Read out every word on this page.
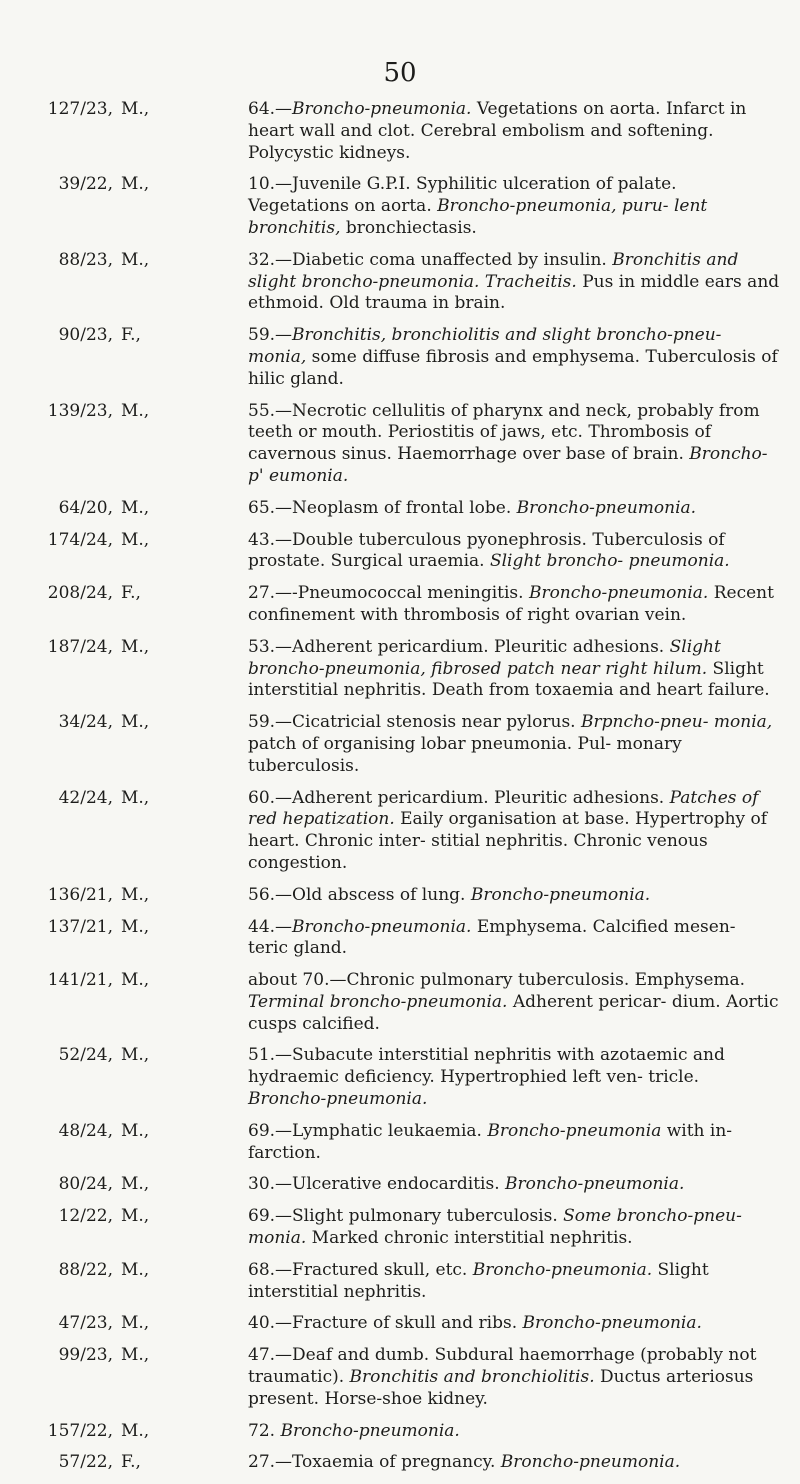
50
127/23, M.,	64.—Broncho-pneumonia. Vegetations on aorta. Infarct in heart wall and clot. Cerebral embolism and softening. Polycystic kidneys.
39/22, M.,	10.—Juvenile G.P.I. Syphilitic ulceration of palate. Vegetations on aorta. Broncho-pneumonia, puru- lent bronchitis, bronchiectasis.
88/23, M.,	32.—Diabetic coma unaffected by insulin. Bronchitis and slight broncho-pneumonia. Tracheitis. Pus in middle ears and ethmoid. Old trauma in brain.
90/23, F.,	59.—Bronchitis, bronchiolitis and slight broncho-pneu- monia, some diffuse fibrosis and emphysema. Tuberculosis of hilic gland.
139/23, M.,	55.—Necrotic cellulitis of pharynx and neck, probably from teeth or mouth. Periostitis of jaws, etc. Thrombosis of cavernous sinus. Haemorrhage over base of brain. Broncho-p' eumonia.
64/20, M.,	65.—Neoplasm of frontal lobe. Broncho-pneumonia.
174/24, M.,	43.—Double tuberculous pyonephrosis. Tuberculosis of prostate. Surgical uraemia. Slight broncho- pneumonia.
208/24, F.,	27.—-Pneumococcal meningitis. Broncho-pneumonia. Recent confinement with thrombosis of right ovarian vein.
187/24, M.,	53.—Adherent pericardium. Pleuritic adhesions. Slight broncho-pneumonia, fibrosed patch near right hilum. Slight interstitial nephritis. Death from toxaemia and heart failure.
34/24, M.,	59.—Cicatricial stenosis near pylorus. Brpncho-pneu- monia, patch of organising lobar pneumonia. Pul- monary tuberculosis.
42/24, M.,	60.—Adherent pericardium. Pleuritic adhesions. Patches of red hepatization. Eaily organisation at base. Hypertrophy of heart. Chronic inter- stitial nephritis. Chronic venous congestion.
136/21, M.,	56.—Old abscess of lung. Broncho-pneumonia.
137/21, M.,	44.—Broncho-pneumonia. Emphysema. Calcified mesen- teric gland.
141/21, M.,	about 70.—Chronic pulmonary tuberculosis. Emphysema. Terminal broncho-pneumonia. Adherent pericar- dium. Aortic cusps calcified.
52/24, M.,	51.—Subacute interstitial nephritis with azotaemic and hydraemic deficiency. Hypertrophied left ven- tricle. Broncho-pneumonia.
48/24, M.,	69.—Lymphatic leukaemia. Broncho-pneumonia with in- farction.
80/24, M.,	30.—Ulcerative endocarditis. Broncho-pneumonia.
12/22, M.,	69.—Slight pulmonary tuberculosis. Some broncho-pneu- monia. Marked chronic interstitial nephritis.
88/22, M.,	68.—Fractured skull, etc. Broncho-pneumonia. Slight interstitial nephritis.
47/23, M.,	40.—Fracture of skull and ribs. Broncho-pneumonia.
99/23, M.,	47.—Deaf and dumb. Subdural haemorrhage (probably not traumatic). Bronchitis and bronchiolitis. Ductus arteriosus present. Horse-shoe kidney.
157/22, M.,	72. Broncho-pneumonia.
57/22, F.,	27.—Toxaemia of pregnancy. Broncho-pneumonia.
